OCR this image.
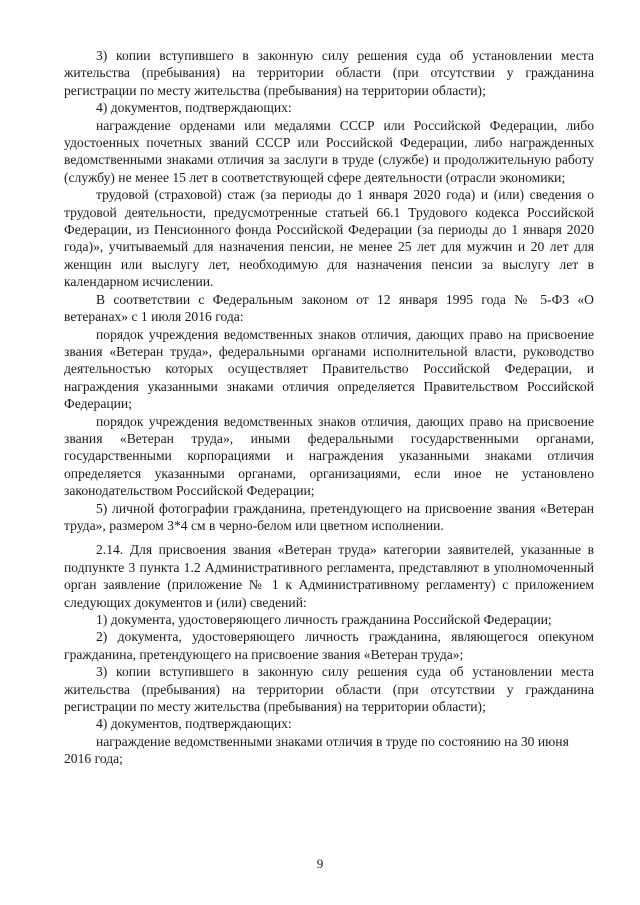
3) копии вступившего в законную силу решения суда об установлении места жительства (пребывания) на территории области (при отсутствии у гражданина регистрации по месту жительства (пребывания) на территории области);

4) документов, подтверждающих:

награждение орденами или медалями СССР или Российской Федерации, либо удостоенных почетных званий СССР или Российской Федерации, либо награжденных ведомственными знаками отличия за заслуги в труде (службе) и продолжительную работу (службу) не менее 15 лет в соответствующей сфере деятельности (отрасли экономики;

трудовой (страховой) стаж (за периоды до 1 января 2020 года) и (или) сведения о трудовой деятельности, предусмотренные статьей 66.1 Трудового кодекса Российской Федерации, из Пенсионного фонда Российской Федерации (за периоды до 1 января 2020 года)», учитываемый для назначения пенсии, не менее 25 лет для мужчин и 20 лет для женщин или выслугу лет, необходимую для назначения пенсии за выслугу лет в календарном исчислении.

В соответствии с Федеральным законом от 12 января 1995 года № 5-ФЗ «О ветеранах» с 1 июля 2016 года:

порядок учреждения ведомственных знаков отличия, дающих право на присвоение звания «Ветеран труда», федеральными органами исполнительной власти, руководство деятельностью которых осуществляет Правительство Российской Федерации, и награждения указанными знаками отличия определяется Правительством Российской Федерации;

порядок учреждения ведомственных знаков отличия, дающих право на присвоение звания «Ветеран труда», иными федеральными государственными органами, государственными корпорациями и награждения указанными знаками отличия определяется указанными органами, организациями, если иное не установлено законодательством Российской Федерации;

5) личной фотографии гражданина, претендующего на присвоение звания «Ветеран труда», размером 3*4 см в черно-белом или цветном исполнении.

2.14. Для присвоения звания «Ветеран труда» категории заявителей, указанные в подпункте 3 пункта 1.2 Административного регламента, представляют в уполномоченный орган заявление (приложение № 1 к Административному регламенту) с приложением следующих документов и (или) сведений:

1) документа, удостоверяющего личность гражданина Российской Федерации;

2) документа, удостоверяющего личность гражданина, являющегося опекуном гражданина, претендующего на присвоение звания «Ветеран труда»;

3) копии вступившего в законную силу решения суда об установлении места жительства (пребывания) на территории области (при отсутствии у гражданина регистрации по месту жительства (пребывания) на территории области);

4) документов, подтверждающих:

награждение ведомственными знаками отличия в труде по состоянию на 30 июня 2016 года;

9
